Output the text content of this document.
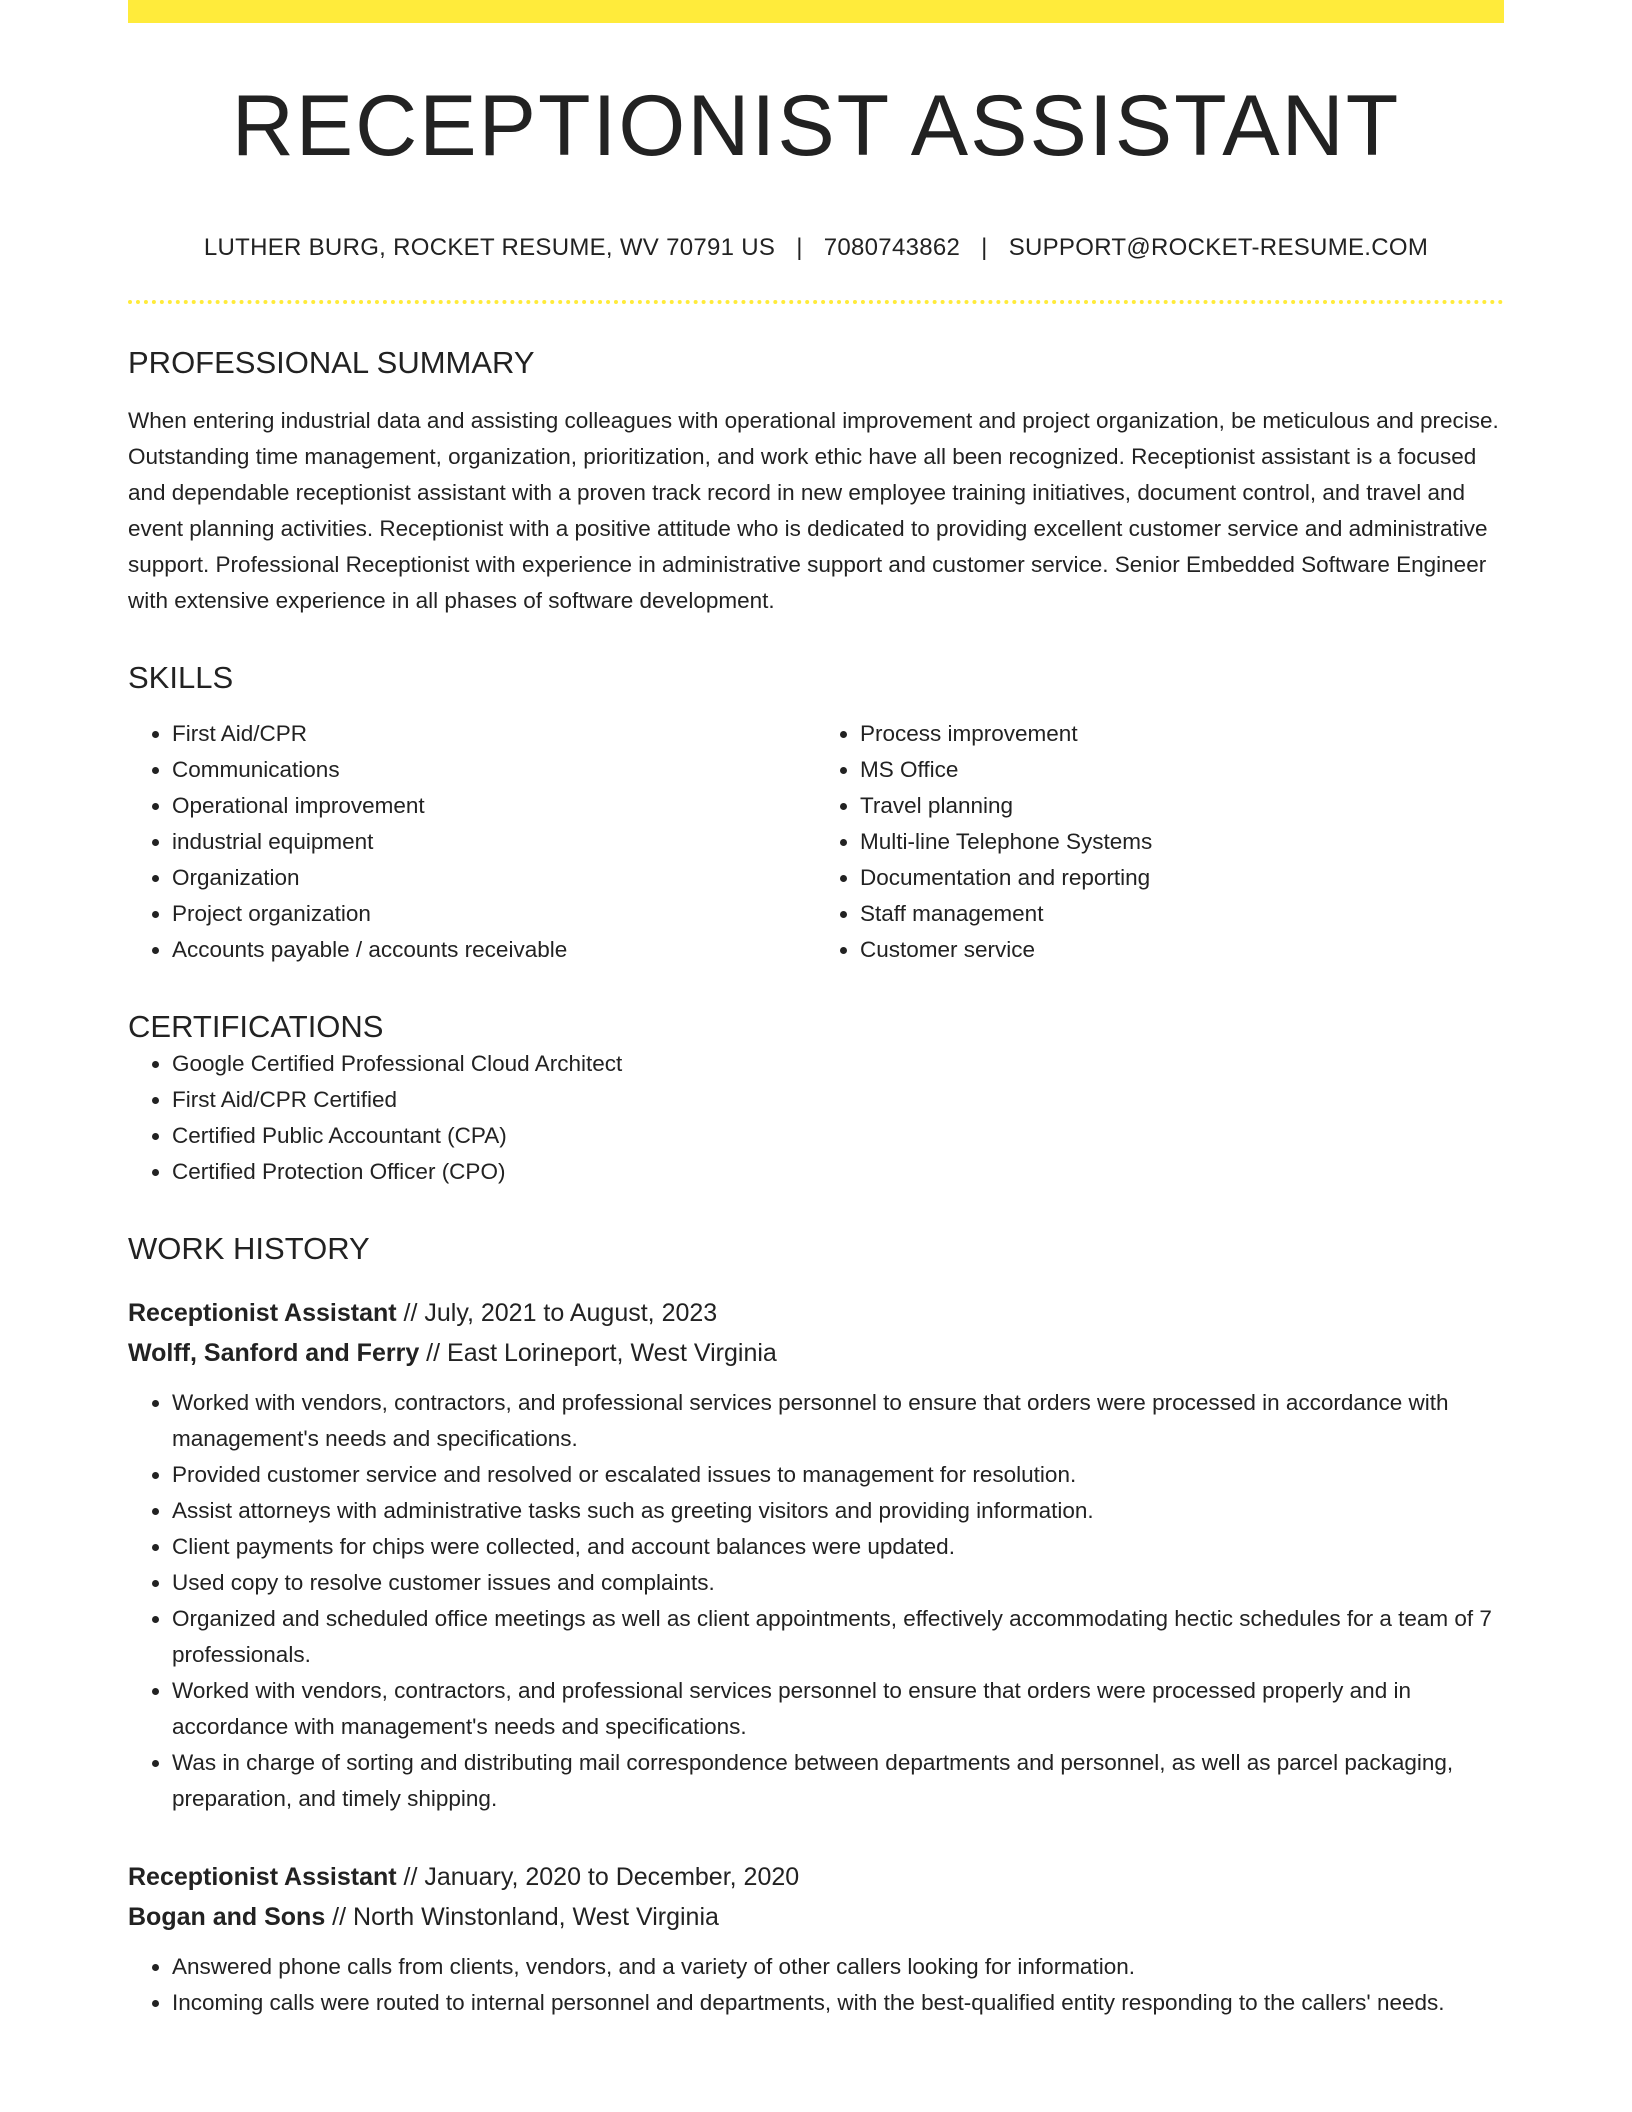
RECEPTIONIST ASSISTANT
LUTHER BURG, ROCKET RESUME, WV 70791 US | 7080743862 | SUPPORT@ROCKET-RESUME.COM
PROFESSIONAL SUMMARY

When entering industrial data and assisting colleagues with operational improvement and project organization, be meticulous and precise. Outstanding time management, organization, prioritization, and work ethic have all been recognized. Receptionist assistant is a focused and dependable receptionist assistant with a proven track record in new employee training initiatives, document control, and travel and event planning activities. Receptionist with a positive attitude who is dedicated to providing excellent customer service and administrative support. Professional Receptionist with experience in administrative support and customer service. Senior Embedded Software Engineer with extensive experience in all phases of software development.

SKILLS
• First Aid/CPR
• Communications
• Operational improvement
• industrial equipment
• Organization
• Project organization
• Accounts payable / accounts receivable
• Process improvement
• MS Office
• Travel planning
• Multi-line Telephone Systems
• Documentation and reporting
• Staff management
• Customer service
CERTIFICATIONS
• Google Certified Professional Cloud Architect
• First Aid/CPR Certified
• Certified Public Accountant (CPA)
• Certified Protection Officer (CPO)
WORK HISTORY
Receptionist Assistant // July, 2021 to August, 2023
Wolff, Sanford and Ferry // East Lorineport, West Virginia
• Worked with vendors, contractors, and professional services personnel to ensure that orders were processed in accordance with management's needs and specifications.
• Provided customer service and resolved or escalated issues to management for resolution.
• Assist attorneys with administrative tasks such as greeting visitors and providing information.
• Client payments for chips were collected, and account balances were updated.
• Used copy to resolve customer issues and complaints.
• Organized and scheduled office meetings as well as client appointments, effectively accommodating hectic schedules for a team of 7 professionals.
• Worked with vendors, contractors, and professional services personnel to ensure that orders were processed properly and in accordance with management's needs and specifications.
• Was in charge of sorting and distributing mail correspondence between departments and personnel, as well as parcel packaging, preparation, and timely shipping.
Receptionist Assistant // January, 2020 to December, 2020
Bogan and Sons // North Winstonland, West Virginia
• Answered phone calls from clients, vendors, and a variety of other callers looking for information.
• Incoming calls were routed to internal personnel and departments, with the best-qualified entity responding to the callers' needs.
